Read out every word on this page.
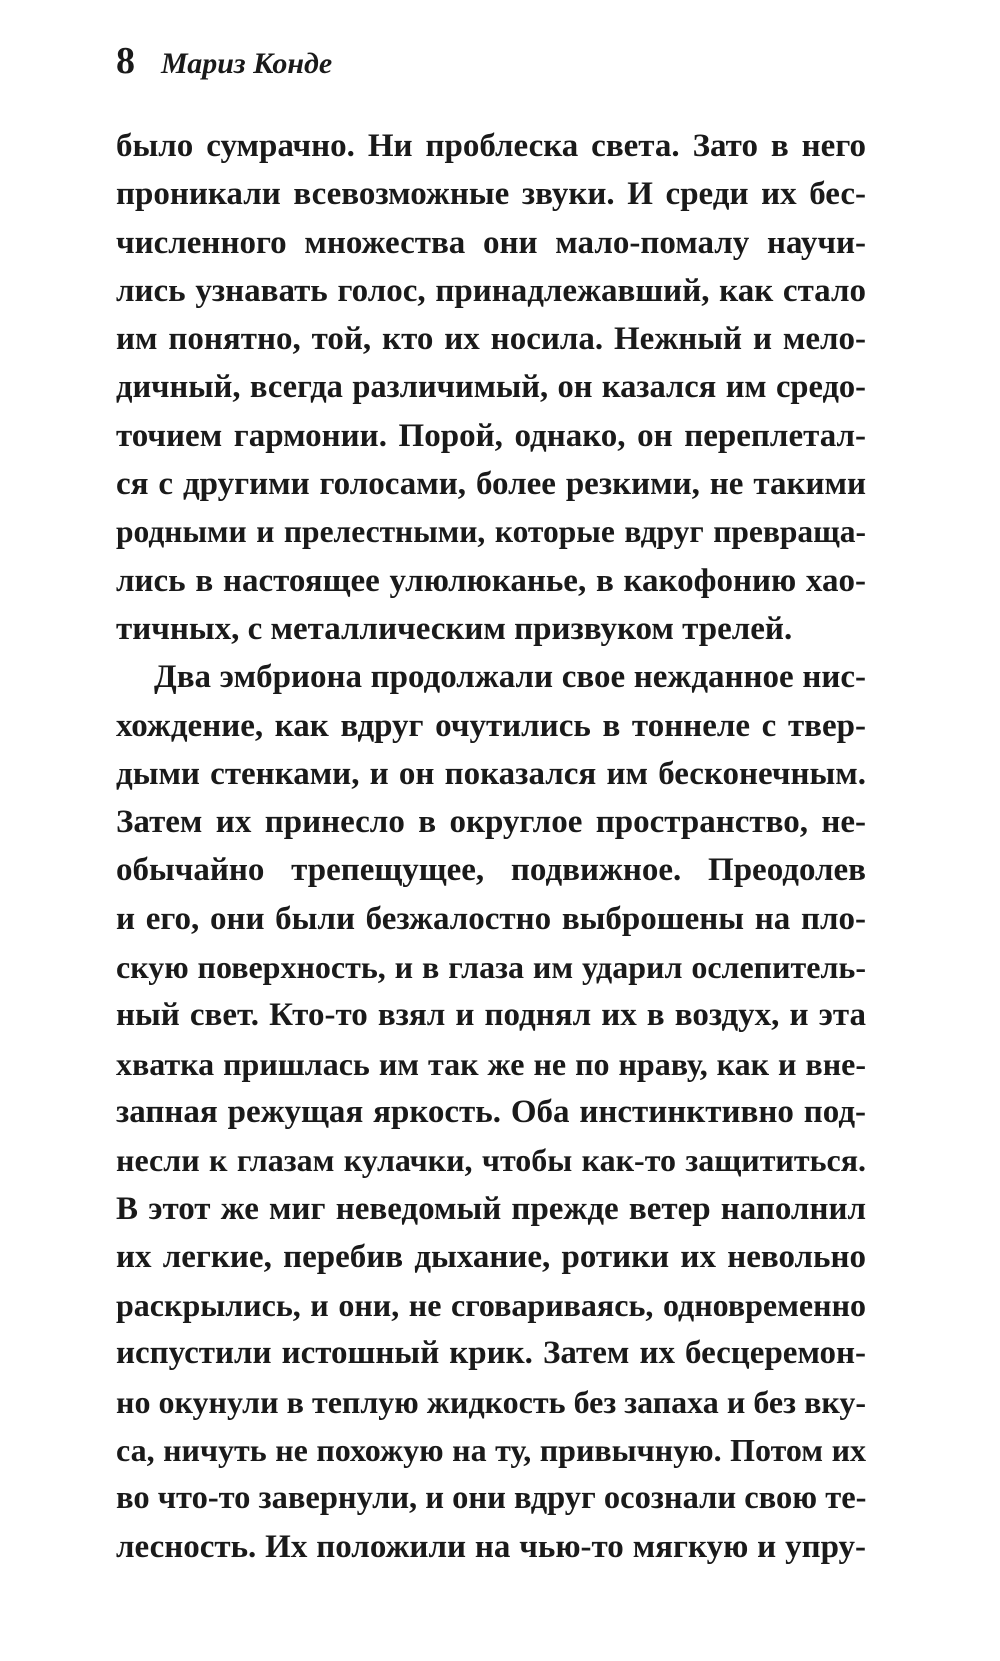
8 Мариз Конде
было сумрачно. Ни проблеска света. Зато в него
проникали всевозможные звуки. И среди их бес-
численного множества они мало-помалу научи-
лись узнавать голос, принадлежавший, как стало
им понятно, той, кто их носила. Нежный и мело-
дичный, всегда различимый, он казался им средо-
точием гармонии. Порой, однако, он переплетал-
ся с другими голосами, более резкими, не такими
родными и прелестными, которые вдруг превраща-
лись в настоящее улюлюканье, в какофонию хао-
тичных, с металлическим призвуком трелей.
Два эмбриона продолжали свое нежданное нис-
хождение, как вдруг очутились в тоннеле с твер-
дыми стенками, и он показался им бесконечным.
Затем их принесло в округлое пространство, не-
обычайно трепещущее, подвижное. Преодолев
и его, они были безжалостно выброшены на пло-
скую поверхность, и в глаза им ударил ослепитель-
ный свет. Кто-то взял и поднял их в воздух, и эта
хватка пришлась им так же не по нраву, как и вне-
запная режущая яркость. Оба инстинктивно под-
несли к глазам кулачки, чтобы как-то защититься.
В этот же миг неведомый прежде ветер наполнил
их легкие, перебив дыхание, ротики их невольно
раскрылись, и они, не сговариваясь, одновременно
испустили истошный крик. Затем их бесцеремон-
но окунули в теплую жидкость без запаха и без вку-
са, ничуть не похожую на ту, привычную. Потом их
во что-то завернули, и они вдруг осознали свою те-
лесность. Их положили на чью-то мягкую и упру-
